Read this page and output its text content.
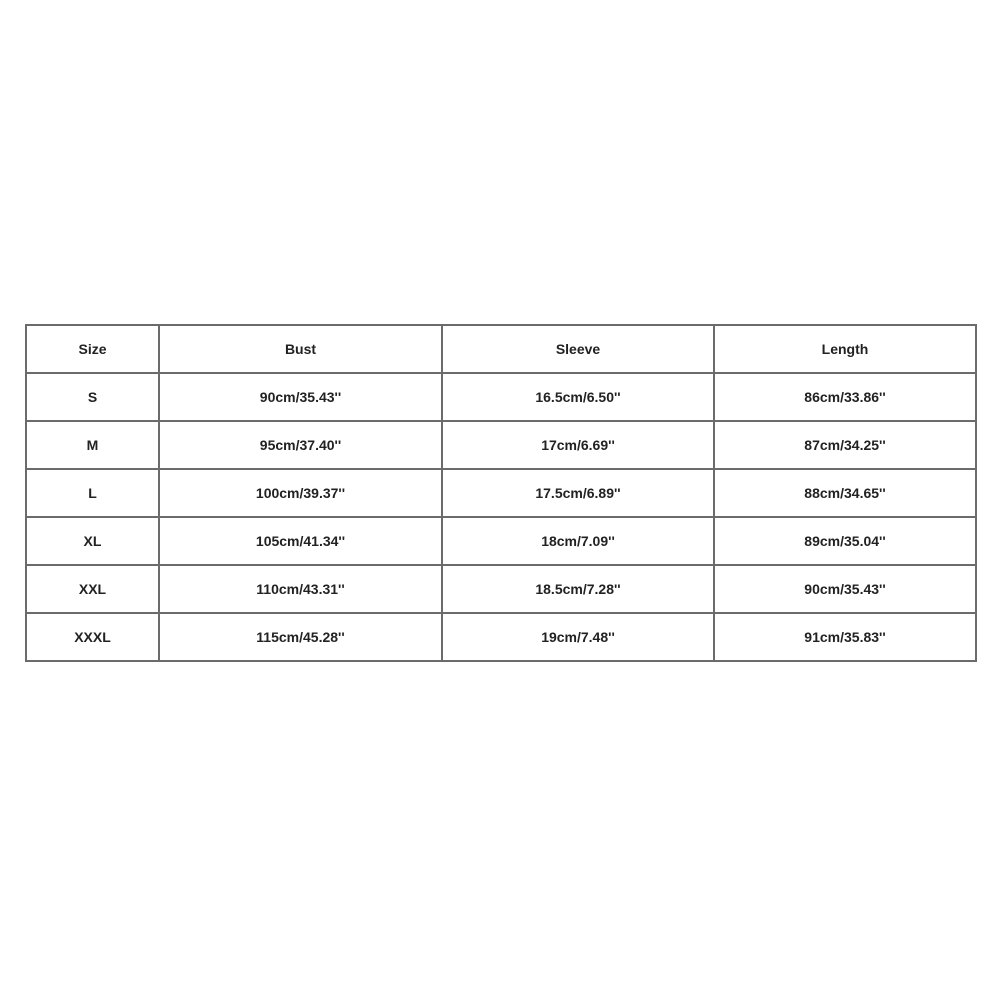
Size	Bust	Sleeve	Length
S	90cm/35.43''	16.5cm/6.50''	86cm/33.86''
M	95cm/37.40''	17cm/6.69''	87cm/34.25''
L	100cm/39.37''	17.5cm/6.89''	88cm/34.65''
XL	105cm/41.34''	18cm/7.09''	89cm/35.04''
XXL	110cm/43.31''	18.5cm/7.28''	90cm/35.43''
XXXL	115cm/45.28''	19cm/7.48''	91cm/35.83''
